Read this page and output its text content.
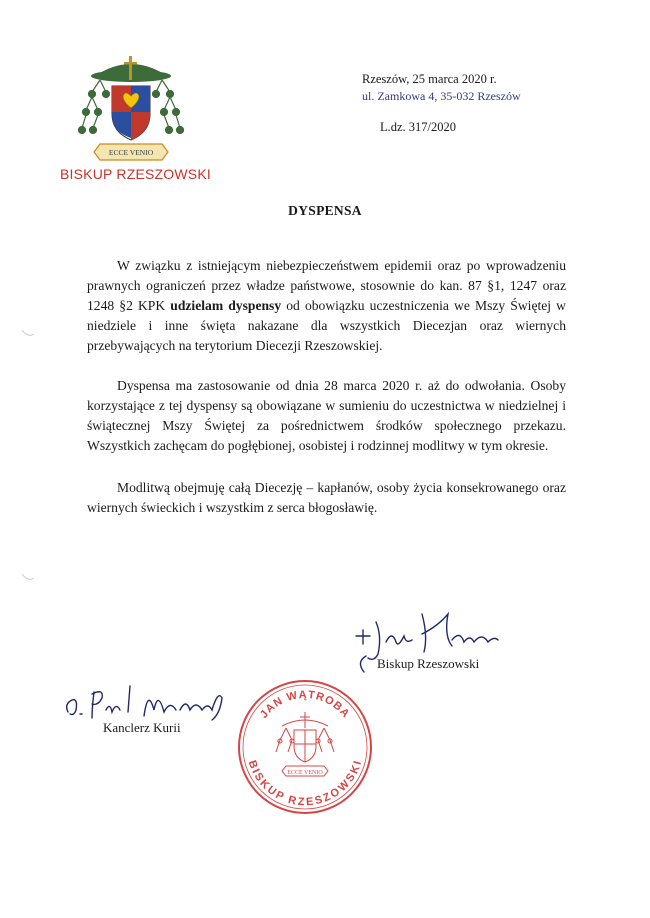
ECCE VENIO
BISKUP RZESZOWSKI
Rzeszów, 25 marca 2020 r.
ul. Zamkowa 4, 35-032 Rzeszów
L.dz. 317/2020
DYSPENSA

W związku z istniejącym niebezpieczeństwem epidemii oraz po wprowadzeniu prawnych ograniczeń przez władze państwowe, stosownie do kan. 87 §1, 1247 oraz 1248 §2 KPK udzielam dyspensy od obowiązku uczestniczenia we Mszy Świętej w niedziele i inne święta nakazane dla wszystkich Diecezjan oraz wiernych przebywających na terytorium Diecezji Rzeszowskiej.

Dyspensa ma zastosowanie od dnia 28 marca 2020 r. aż do odwołania. Osoby korzystające z tej dyspensy są obowiązane w sumieniu do uczestnictwa w niedzielnej i świątecznej Mszy Świętej za pośrednictwem środków społecznego przekazu. Wszystkich zachęcam do pogłębionej, osobistej i rodzinnej modlitwy w tym okresie.

Modlitwą obejmuję całą Diecezję – kapłanów, osoby życia konsekrowanego oraz wiernych świeckich i wszystkim z serca błogosławię.

Biskup Rzeszowski
Kanclerz Kurii
JAN WĄTROBA
BISKUP RZESZOWSKI
ECCE VENIO
